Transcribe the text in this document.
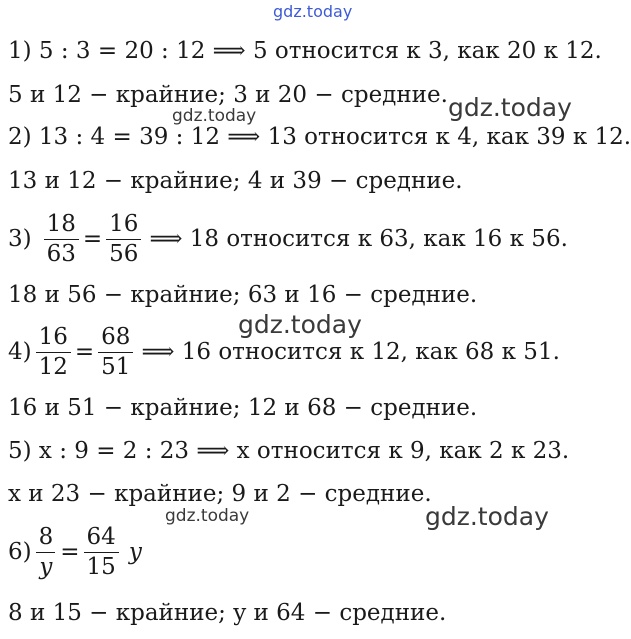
gdz.today
1) 5 : 3 = 20 : 12 ⟹ 5 относится к 3, как 20 к 12.
5 и 12 − крайние; 3 и 20 − средние. gdz.today
gdz.today
2) 13 : 4 = 39 : 12 ⟹ 13 относится к 4, как 39 к 12.
13 и 12 − крайние; 4 и 39 − средние.
$3) \frac{18}{63} = \frac{16}{56}$ ⟹ 18 относится к 63, как 16 к 56.
18 и 56 − крайние; 63 и 16 − средние.
gdz.today
$4) \frac{16}{12} = \frac{68}{51}$ ⟹ 16 относится к 12, как 68 к 51.
16 и 51 − крайние; 12 и 68 − средние.
5) x : 9 = 2 : 23 ⟹ x относится к 9, как 2 к 23.
x и 23 − крайние; 9 и 2 − средние.
gdz.today	gdz.today
$6) \frac{8}{y} = \frac{64}{15}$ y
8 и 15 − крайние; y и 64 − средние.
